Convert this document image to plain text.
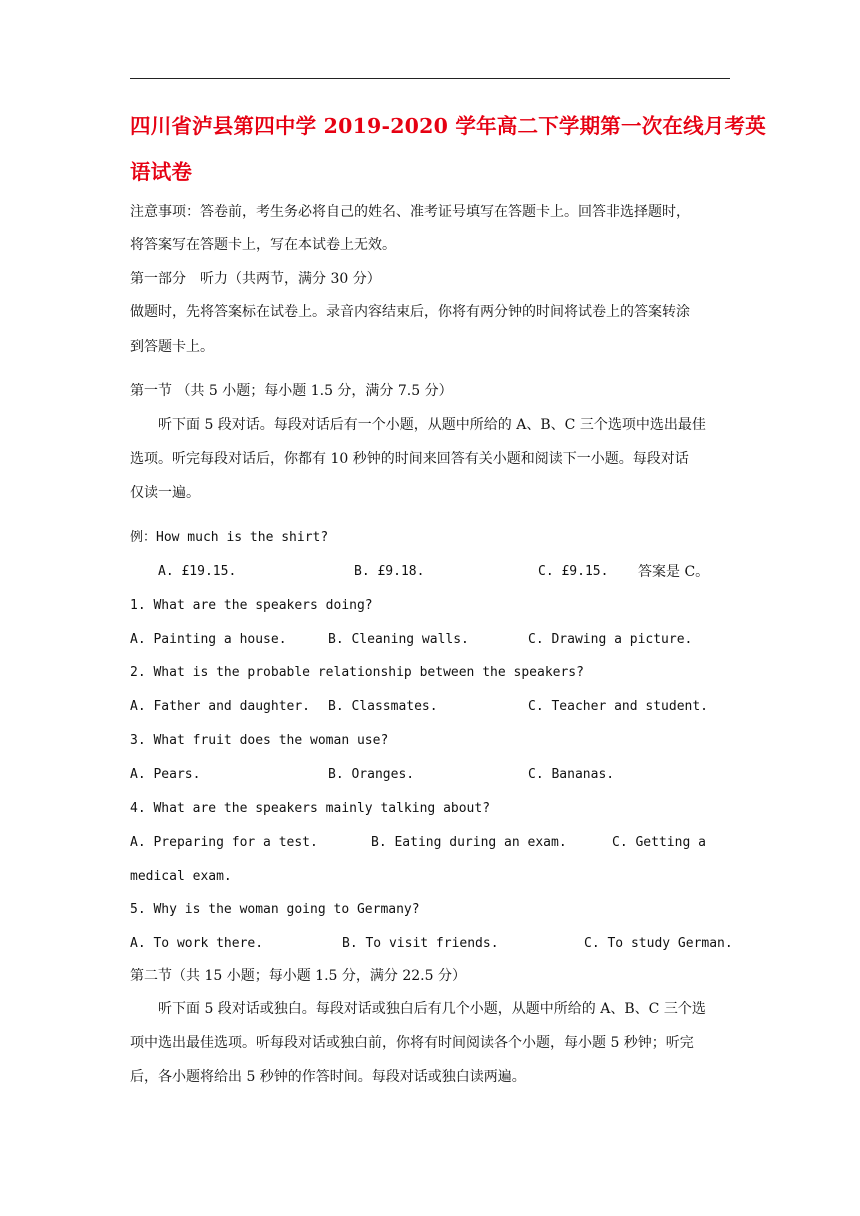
四川省泸县第四中学 2019-2020 学年高二下学期第一次在线月考英
语试卷
注意事项：答卷前，考生务必将自己的姓名、准考证号填写在答题卡上。回答非选择题时，
将答案写在答题卡上，写在本试卷上无效。
第一部分　听力（共两节，满分 30 分）
做题时，先将答案标在试卷上。录音内容结束后，你将有两分钟的时间将试卷上的答案转涂
到答题卡上。
第一节 （共 5 小题；每小题 1.5 分，满分 7.5 分）
听下面 5 段对话。每段对话后有一个小题，从题中所给的 A、B、C 三个选项中选出最佳
选项。听完每段对话后，你都有 10 秒钟的时间来回答有关小题和阅读下一小题。每段对话
仅读一遍。
例：How much is the shirt?
A. £19.15.	B. £9.18.	C. £9.15. 答案是 C。
1. What are the speakers doing?
A. Painting a house.	B. Cleaning walls.	C. Drawing a picture.
2. What is the probable relationship between the speakers?
A. Father and daughter. B. Classmates.	C. Teacher and student.
3. What fruit does the woman use?
A. Pears.	B. Oranges.	C. Bananas.
4. What are the speakers mainly talking about?
A. Preparing for a test.	B. Eating during an exam.	C. Getting a
medical exam.
5. Why is the woman going to Germany?
A. To work there.	B. To visit friends.	C. To study German.
第二节（共 15 小题；每小题 1.5 分，满分 22.5 分）
听下面 5 段对话或独白。每段对话或独白后有几个小题，从题中所给的 A、B、C 三个选
项中选出最佳选项。听每段对话或独白前，你将有时间阅读各个小题，每小题 5 秒钟；听完
后，各小题将给出 5 秒钟的作答时间。每段对话或独白读两遍。
